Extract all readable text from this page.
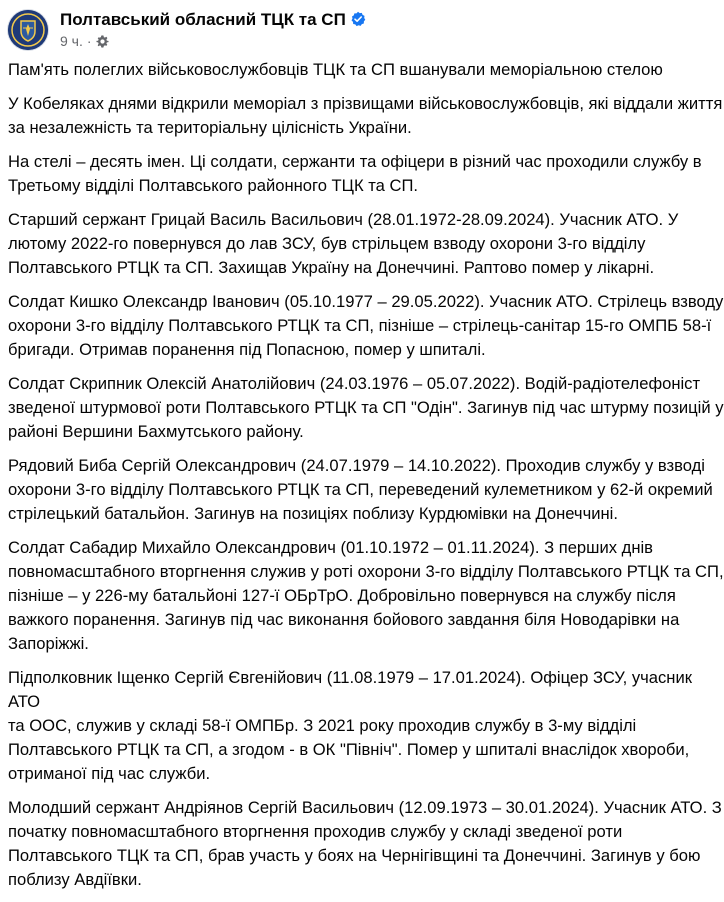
Полтавський обласний ТЦК та СП
9 ч. ·

Пам'ять полеглих військовослужбовців ТЦК та СП вшанували меморіальною стелою

У Кобеляках днями відкрили меморіал з прізвищами військовослужбовців, які віддали життя
за незалежність та територіальну цілісність України.

На стелі – десять імен. Ці солдати, сержанти та офіцери в різний час проходили службу в
Третьому відділі Полтавського районного ТЦК та СП.

Старший сержант Грицай Василь Васильович (28.01.1972-28.09.2024). Учасник АТО. У
лютому 2022-го повернувся до лав ЗСУ, був стрільцем взводу охорони 3-го відділу
Полтавського РТЦК та СП. Захищав Україну на Донеччині. Раптово помер у лікарні.

Солдат Кишко Олександр Іванович (05.10.1977 – 29.05.2022). Учасник АТО. Стрілець взводу
охорони 3-го відділу Полтавського РТЦК та СП, пізніше – стрілець-санітар 15-го ОМПБ 58-ї
бригади. Отримав поранення під Попасною, помер у шпиталі.

Солдат Скрипник Олексій Анатолійович (24.03.1976 – 05.07.2022). Водій-радіотелефоніст
зведеної штурмової роти Полтавського РТЦК та СП "Одін". Загинув під час штурму позицій у
районі Вершини Бахмутського району.

Рядовий Биба Сергій Олександрович (24.07.1979 – 14.10.2022). Проходив службу у взводі
охорони 3-го відділу Полтавського РТЦК та СП, переведений кулеметником у 62-й окремий
стрілецький батальйон. Загинув на позиціях поблизу Курдюмівки на Донеччині.

Солдат Сабадир Михайло Олександрович (01.10.1972 – 01.11.2024). З перших днів
повномасштабного вторгнення служив у роті охорони 3-го відділу Полтавського РТЦК та СП,
пізніше – у 226-му батальйоні 127-ї ОБрТрО. Добровільно повернувся на службу після
важкого поранення. Загинув під час виконання бойового завдання біля Новодарівки на
Запоріжжі.

Підполковник Іщенко Сергій Євгенійович (11.08.1979 – 17.01.2024). Офіцер ЗСУ, учасник АТО
та ООС, служив у складі 58-ї ОМПБр. З 2021 року проходив службу в 3-му відділі
Полтавського РТЦК та СП, а згодом - в ОК "Північ". Помер у шпиталі внаслідок хвороби,
отриманої під час служби.

Молодший сержант Андріянов Сергій Васильович (12.09.1973 – 30.01.2024). Учасник АТО. З
початку повномасштабного вторгнення проходив службу у складі зведеної роти
Полтавського ТЦК та СП, брав участь у боях на Чернігівщині та Донеччині. Загинув у бою
поблизу Авдіївки.
